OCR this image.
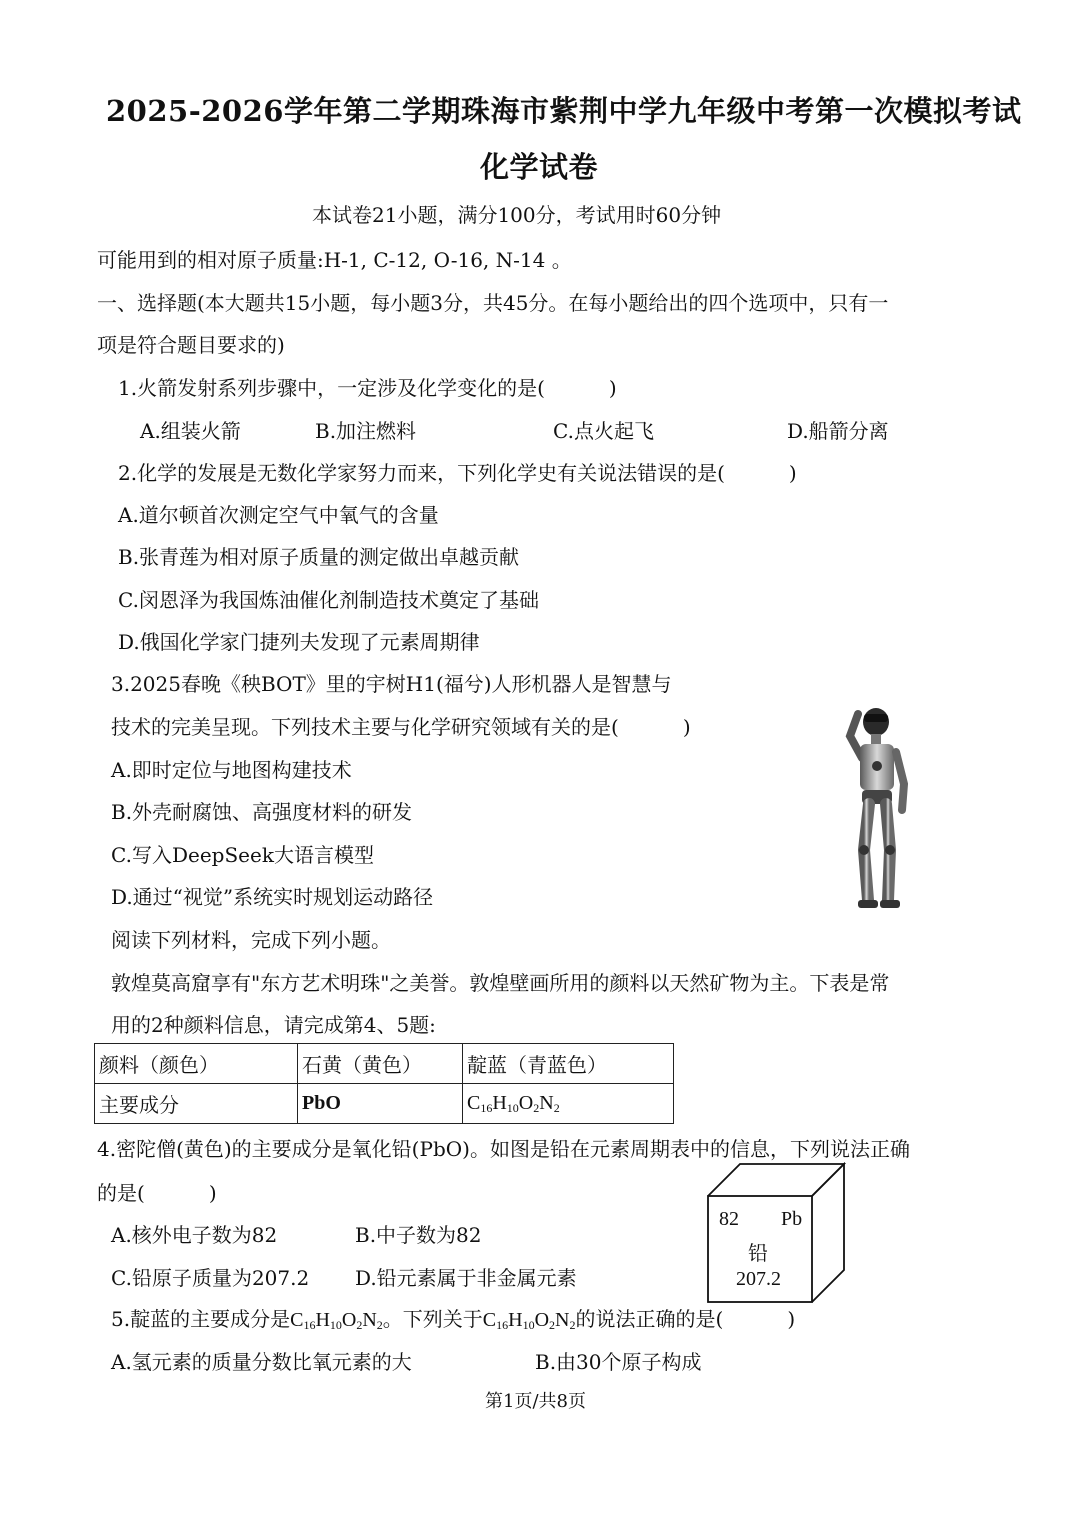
2025-2026学年第二学期珠海市紫荆中学九年级中考第一次模拟考试
化学试卷
本试卷21小题，满分100分，考试用时60分钟
可能用到的相对原子质量:H-1, C-12, O-16, N-14 。
一、选择题(本大题共15小题，每小题3分，共45分。在每小题给出的四个选项中，只有一
项是符合题目要求的)
1.火箭发射系列步骤中，一定涉及化学变化的是(	)
A.组装火箭	B.加注燃料	C.点火起飞	D.船箭分离
2.化学的发展是无数化学家努力而来，下列化学史有关说法错误的是(	)
A.道尔顿首次测定空气中氧气的含量
B.张青莲为相对原子质量的测定做出卓越贡献
C.闵恩泽为我国炼油催化剂制造技术奠定了基础
D.俄国化学家门捷列夫发现了元素周期律
3.2025春晚《秧BOT》里的宇树H1(福兮)人形机器人是智慧与
技术的完美呈现。下列技术主要与化学研究领域有关的是(	)
A.即时定位与地图构建技术
B.外壳耐腐蚀、高强度材料的研发
C.写入DeepSeek大语言模型
D.通过“视觉”系统实时规划运动路径
阅读下列材料，完成下列小题。
敦煌莫高窟享有"东方艺术明珠"之美誉。敦煌壁画所用的颜料以天然矿物为主。下表是常
用的2种颜料信息，请完成第4、5题:
颜料（颜色）	石黄（黄色）	靛蓝（青蓝色）
主要成分	PbO	$C_{16}H_{10}O_2N_2$
4.密陀僧(黄色)的主要成分是氧化铅(PbO)。如图是铅在元素周期表中的信息，下列说法正确
的是(	)
A.核外电子数为82	B.中子数为82
C.铅原子质量为207.2 D.铅元素属于非金属元素
82 Pb
铅
207.2
5.靛蓝的主要成分是$C_{16}H_{10}O_2N_2$。下列关于$C_{16}H_{10}O_2N_2$的说法正确的是(	)
A.氢元素的质量分数比氧元素的大	B.由30个原子构成
第1页/共8页
